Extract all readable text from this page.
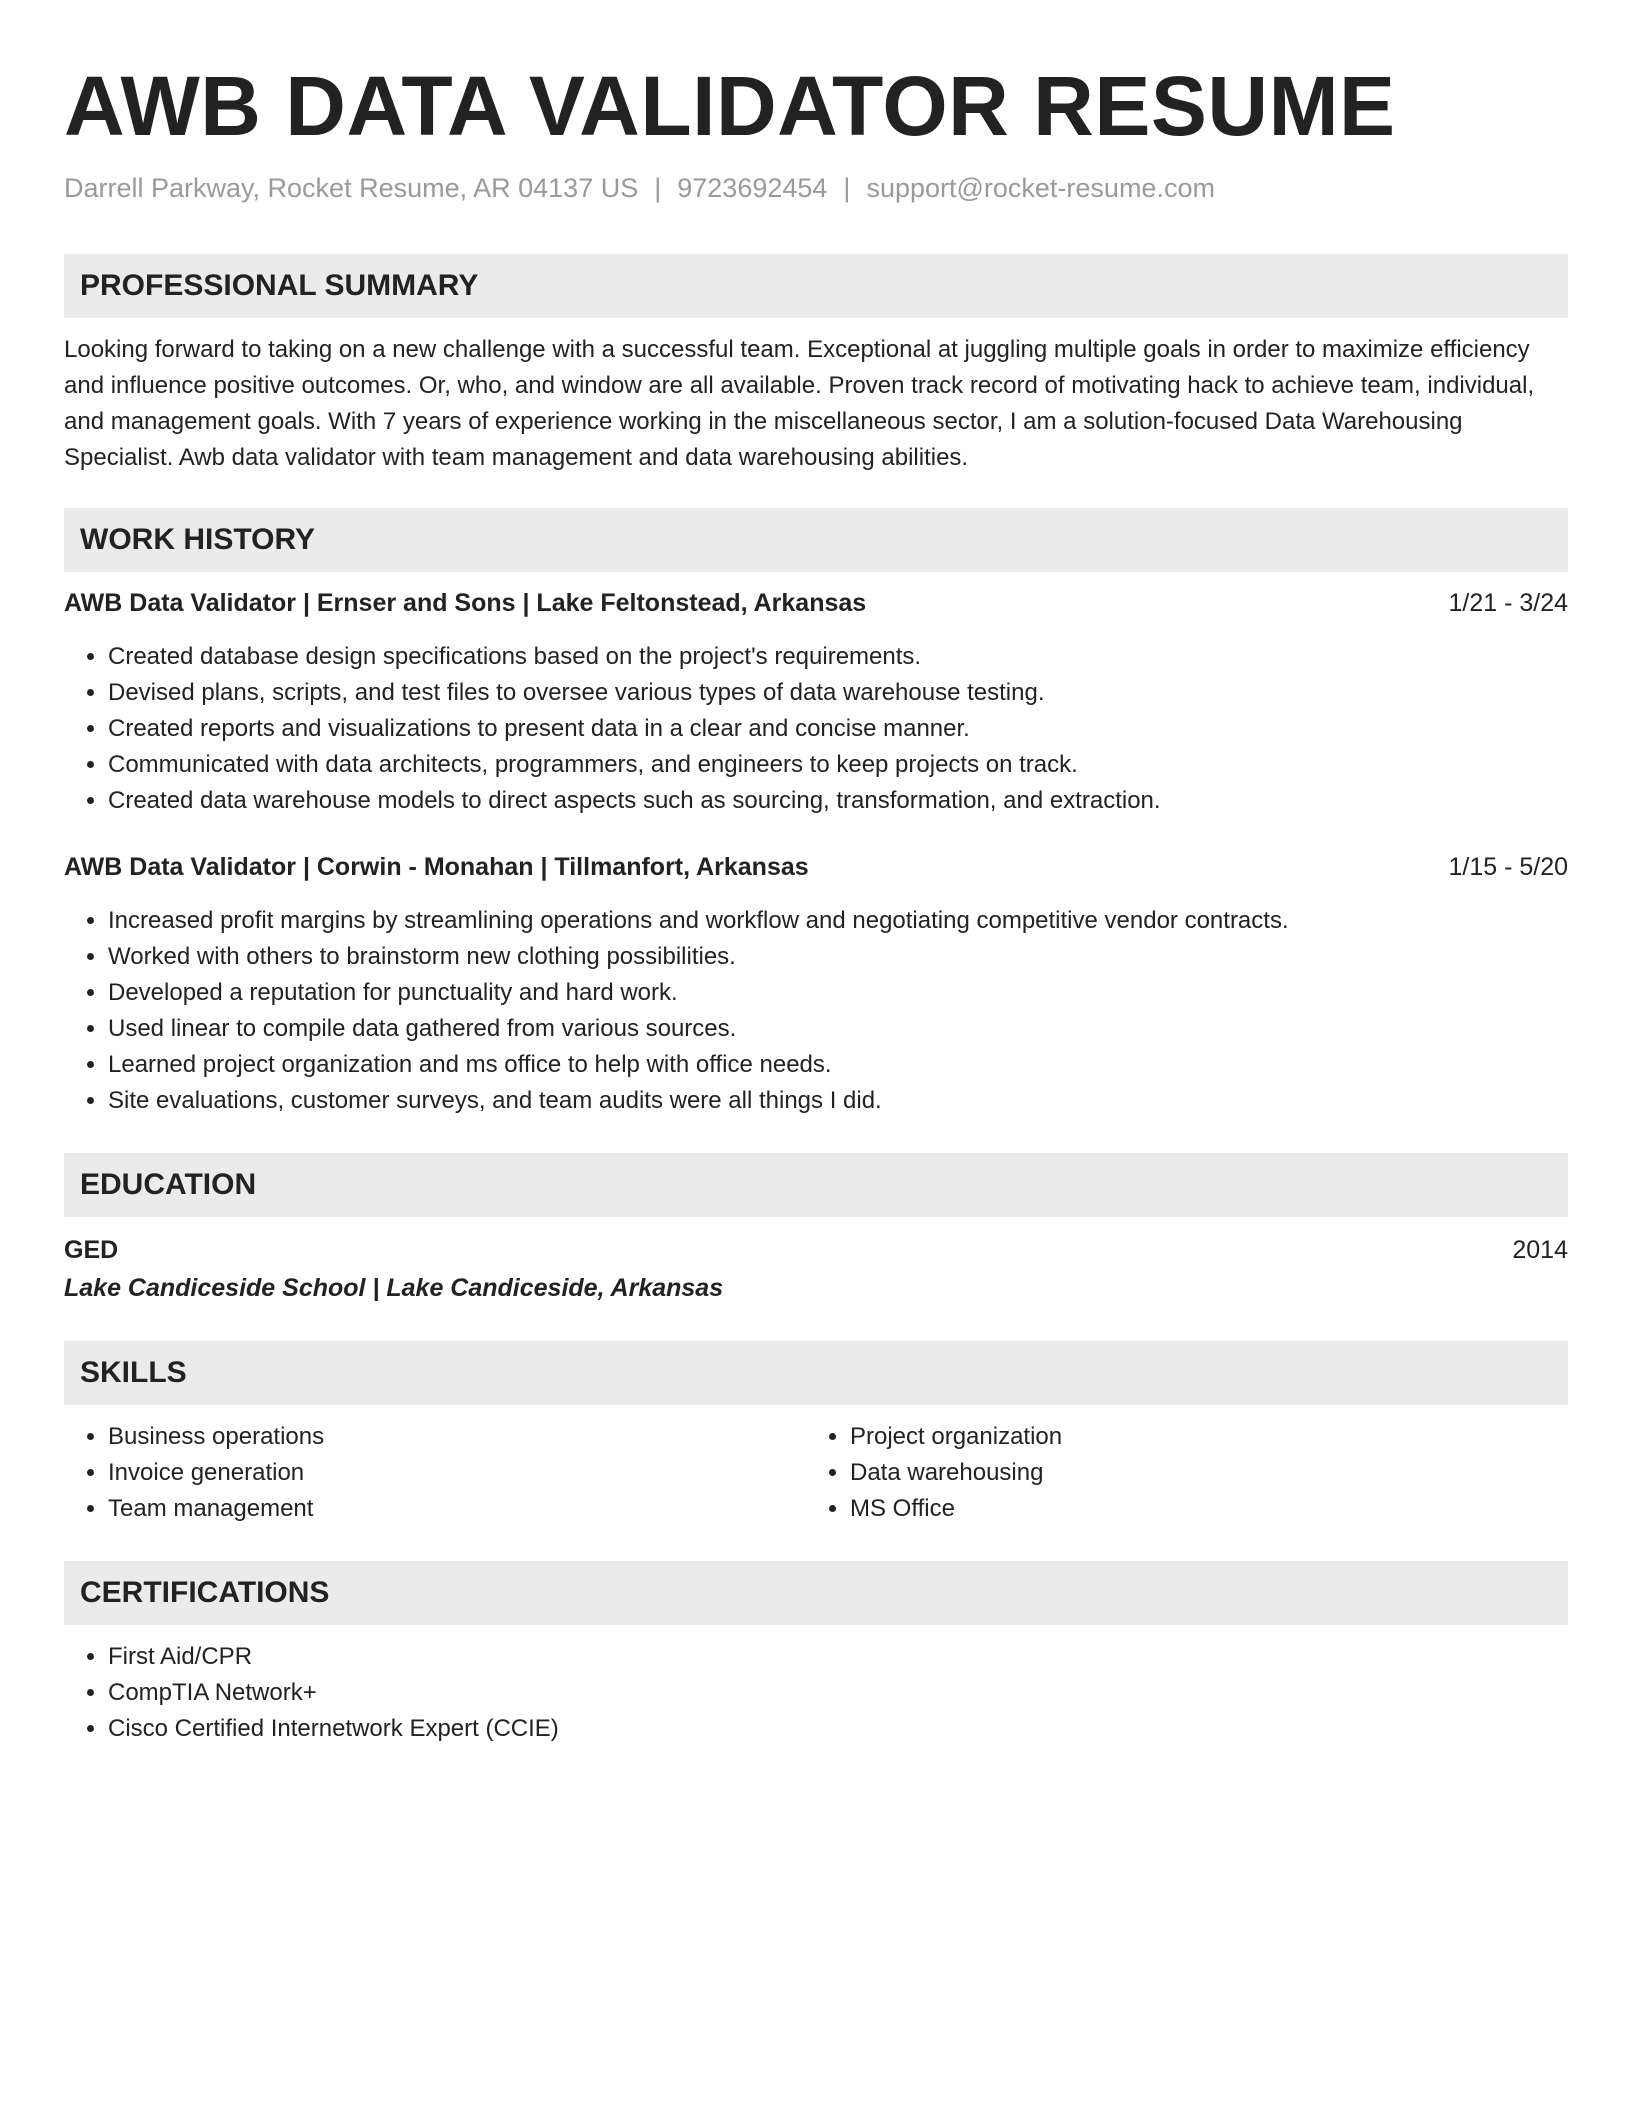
AWB DATA VALIDATOR RESUME
Darrell Parkway, Rocket Resume, AR 04137 US | 9723692454 | support@rocket-resume.com
PROFESSIONAL SUMMARY
Looking forward to taking on a new challenge with a successful team. Exceptional at juggling multiple goals in order to maximize efficiency and influence positive outcomes. Or, who, and window are all available. Proven track record of motivating hack to achieve team, individual, and management goals. With 7 years of experience working in the miscellaneous sector, I am a solution-focused Data Warehousing Specialist. Awb data validator with team management and data warehousing abilities.
WORK HISTORY
AWB Data Validator | Ernser and Sons | Lake Feltonstead, Arkansas	1/21 - 3/24
• Created database design specifications based on the project's requirements.
• Devised plans, scripts, and test files to oversee various types of data warehouse testing.
• Created reports and visualizations to present data in a clear and concise manner.
• Communicated with data architects, programmers, and engineers to keep projects on track.
• Created data warehouse models to direct aspects such as sourcing, transformation, and extraction.
AWB Data Validator | Corwin - Monahan | Tillmanfort, Arkansas	1/15 - 5/20
• Increased profit margins by streamlining operations and workflow and negotiating competitive vendor contracts.
• Worked with others to brainstorm new clothing possibilities.
• Developed a reputation for punctuality and hard work.
• Used linear to compile data gathered from various sources.
• Learned project organization and ms office to help with office needs.
• Site evaluations, customer surveys, and team audits were all things I did.
EDUCATION
GED	2014
Lake Candiceside School | Lake Candiceside, Arkansas
SKILLS
• Business operations
• Invoice generation
• Team management
• Project organization
• Data warehousing
• MS Office
CERTIFICATIONS
• First Aid/CPR
• CompTIA Network+
• Cisco Certified Internetwork Expert (CCIE)
